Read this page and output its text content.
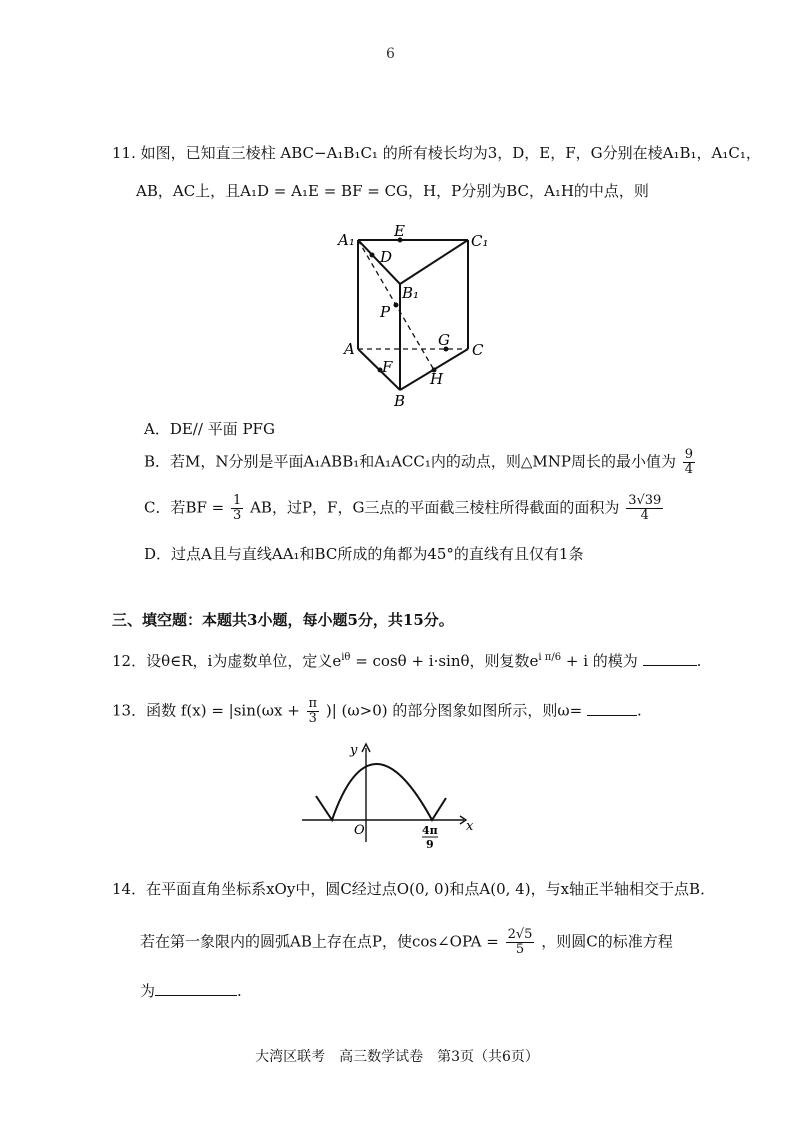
6
11. 如图，已知直三棱柱 ABC−A₁B₁C₁ 的所有棱长均为3，D，E，F，G分别在棱A₁B₁，A₁C₁，
AB，AC上，且A₁D = A₁E = BF = CG，H，P分别为BC，A₁H的中点，则
A₁	E
C₁
D
B₁
P
G
A	C
F
H
B
A．DE// 平面 PFG
B．若M，N分别是平面A₁ABB₁和A₁ACC₁内的动点，则△MNP周长的最小值为 $\frac{9}{4}$
C．若BF = $\frac{1}{3}$ AB，过P，F，G三点的平面截三棱柱所得截面的面积为 $\frac{3√39}{4}$
D．过点A且与直线AA₁和BC所成的角都为45°的直线有且仅有1条
三、填空题：本题共3小题，每小题5分，共15分。
12．设θ∈R，i为虚数单位，定义$e^{i\theta} = \cos\theta + i\cdot\sin\theta$，则复数$e^{i \pi/6} + i$ 的模为	.
13．函数 $f(x) = |\sin(\omega x + \frac{\pi}{3}$ )| (ω>0) 的部分图象如图所示，则ω=	.
y
x
O	4π
9
14．在平面直角坐标系xOy中，圆C经过点O(0, 0)和点A(0, 4)，与x轴正半轴相交于点B．
若在第一象限内的圆弧AB上存在点P，使cos∠OPA = $\frac{2√5}{5}$ ，则圆C的标准方程
为	.
大湾区联考　高三数学试卷　第3页（共6页）
